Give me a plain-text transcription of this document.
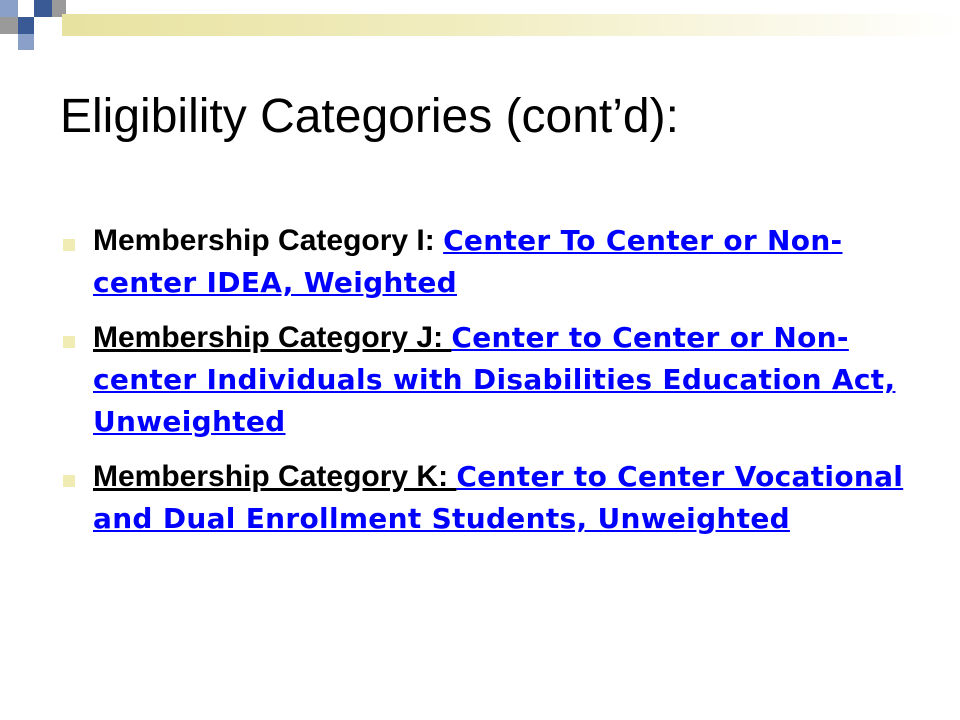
Eligibility Categories (cont’d):
Membership Category I: Center To Center or Non-center IDEA, Weighted
Membership Category J: Center to Center or Non-center Individuals with Disabilities Education Act, Unweighted
Membership Category K: Center to Center Vocational and Dual Enrollment Students, Unweighted
